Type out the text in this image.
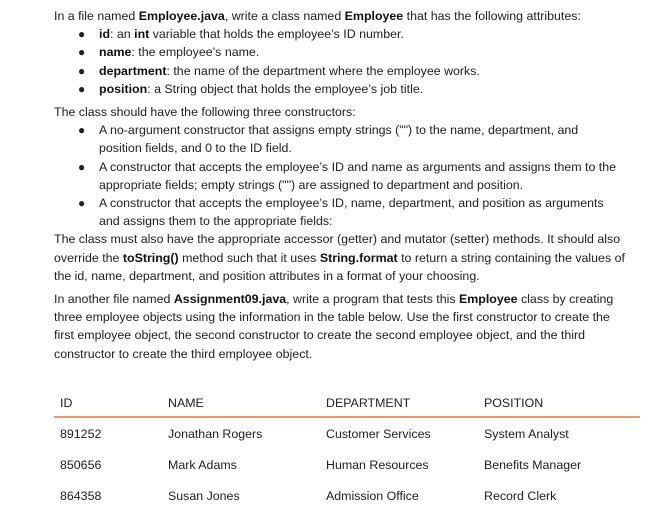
In a file named Employee.java, write a class named Employee that has the following attributes:

● id: an int variable that holds the employee’s ID number.
● name: the employee’s name.
● department: the name of the department where the employee works.
● position: a String object that holds the employee’s job title.

The class should have the following three constructors:

● A no-argument constructor that assigns empty strings ("") to the name, department, and
position fields, and 0 to the ID field.
● A constructor that accepts the employee’s ID and name as arguments and assigns them to the
appropriate fields; empty strings ("") are assigned to department and position.
● A constructor that accepts the employee’s ID, name, department, and position as arguments
and assigns them to the appropriate fields:

The class must also have the appropriate accessor (getter) and mutator (setter) methods. It should also
override the toString() method such that it uses String.format to return a string containing the values of
the id, name, department, and position attributes in a format of your choosing.

In another file named Assignment09.java, write a program that tests this Employee class by creating
three employee objects using the information in the table below. Use the first constructor to create the
first employee object, the second constructor to create the second employee object, and the third
constructor to create the third employee object.

ID	NAME	DEPARTMENT	POSITION
891252	Jonathan Rogers	Customer Services	System Analyst
850656	Mark Adams	Human Resources	Benefits Manager
864358	Susan Jones	Admission Office	Record Clerk
